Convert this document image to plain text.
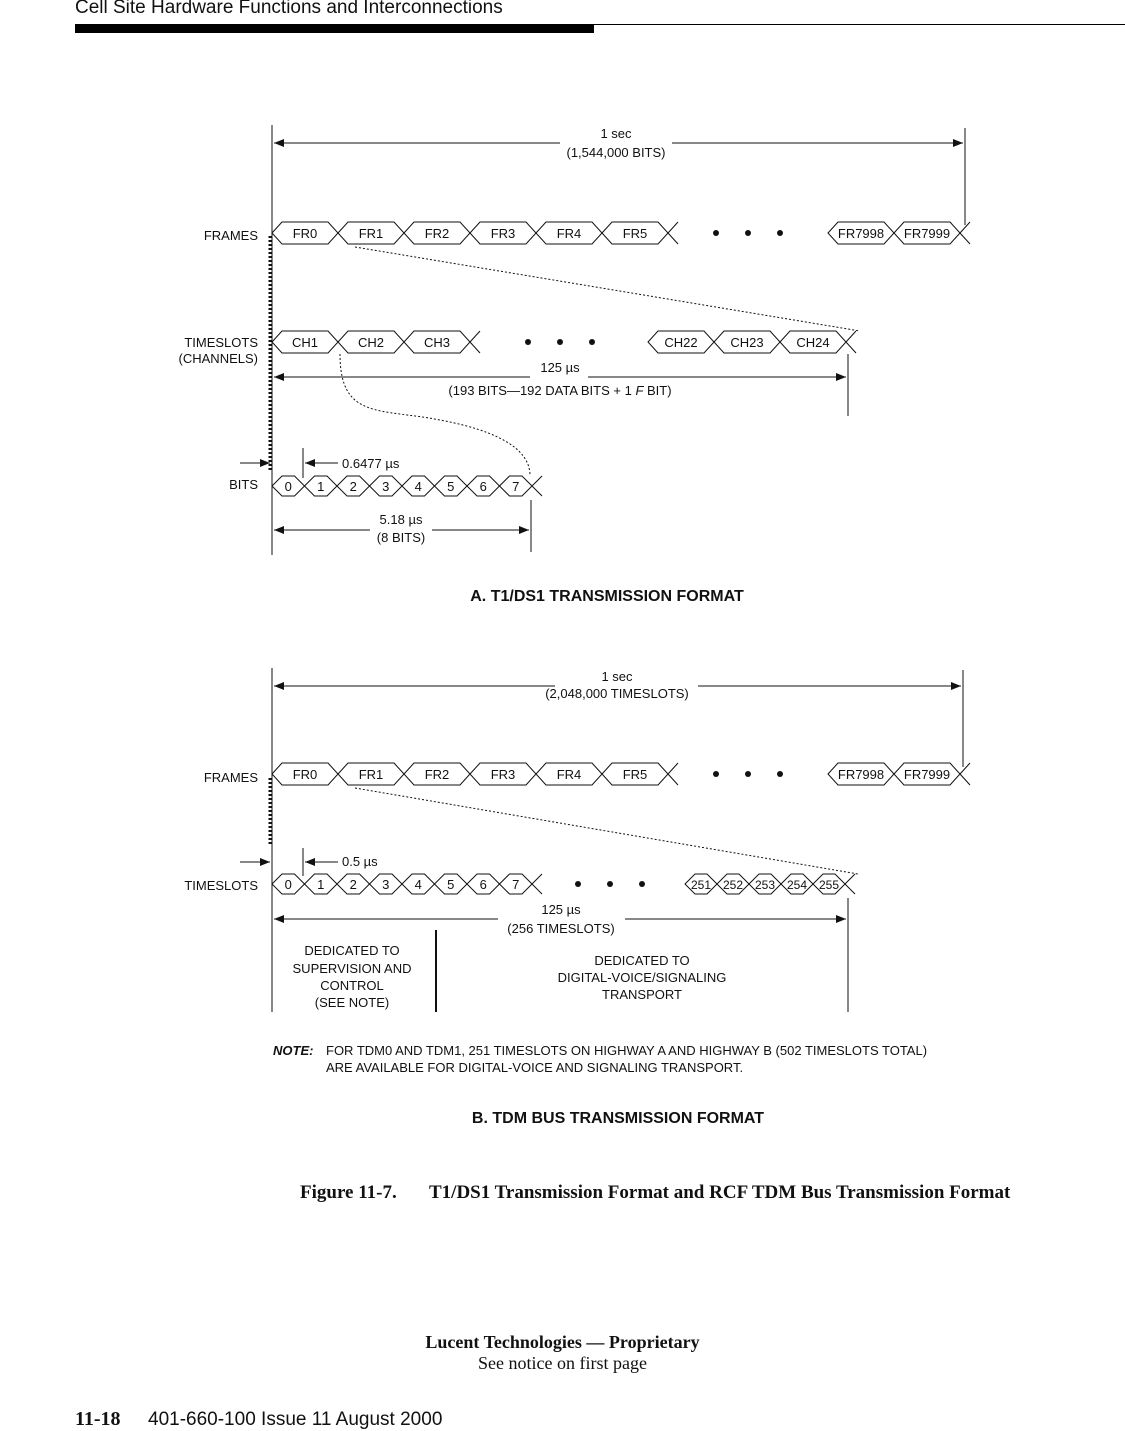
Cell Site Hardware Functions and Interconnections
1 sec
(1,544,000 BITS)
FRAMES
TIMESLOTS
(CHANNELS)
BITS
FR0	FR1	FR2	FR3	FR4	FR5	FR7998 FR7999
CH1	CH2	CH3	CH22	CH23	CH24
125 µs
(193 BITS—192 DATA BITS + 1 F BIT)
0.6477 µs
0 1 2 3 4 5 6 7
5.18 µs
(8 BITS)
A. T1/DS1 TRANSMISSION FORMAT
1 sec
(2,048,000 TIMESLOTS)
FRAMES
TIMESLOTS
FR0	FR1	FR2	FR3	FR4	FR5	FR7998 FR7999
0.5 µs
0 1 2 3 4 5 6 7	251 252 253 254 255
125 µs
(256 TIMESLOTS)
DEDICATED TO
SUPERVISION AND
CONTROL
(SEE NOTE)
DEDICATED TO
DIGITAL-VOICE/SIGNALING
TRANSPORT
NOTE: FOR TDM0 AND TDM1, 251 TIMESLOTS ON HIGHWAY A AND HIGHWAY B (502 TIMESLOTS TOTAL)
ARE AVAILABLE FOR DIGITAL-VOICE AND SIGNALING TRANSPORT.
B. TDM BUS TRANSMISSION FORMAT
Figure 11-7. T1/DS1 Transmission Format and RCF TDM Bus Transmission Format
Lucent Technologies — Proprietary
See notice on first page
11-18 401-660-100 Issue 11 August 2000
